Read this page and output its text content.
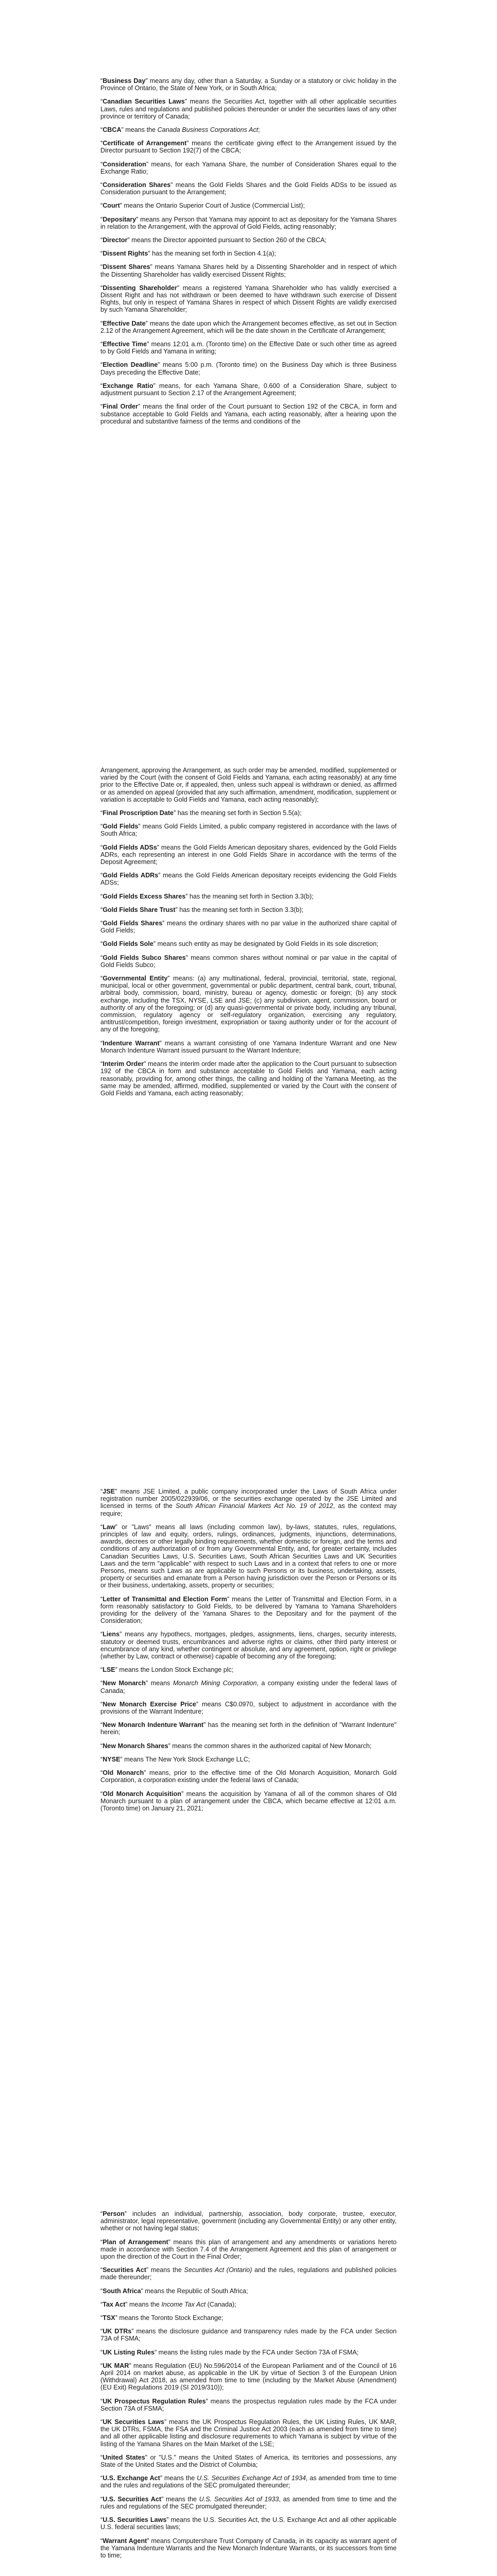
“Business Day” means any day, other than a Saturday, a Sunday or a statutory or civic holiday in the Province of Ontario, the State of New York, or in South Africa;

“Canadian Securities Laws” means the Securities Act, together with all other applicable securities Laws, rules and regulations and published policies thereunder or under the securities laws of any other province or territory of Canada;

“CBCA” means the Canada Business Corporations Act;

“Certificate of Arrangement” means the certificate giving effect to the Arrangement issued by the Director pursuant to Section 192(7) of the CBCA;

“Consideration” means, for each Yamana Share, the number of Consideration Shares equal to the Exchange Ratio;

“Consideration Shares” means the Gold Fields Shares and the Gold Fields ADSs to be issued as Consideration pursuant to the Arrangement;

“Court” means the Ontario Superior Court of Justice (Commercial List);

“Depositary” means any Person that Yamana may appoint to act as depositary for the Yamana Shares in relation to the Arrangement, with the approval of Gold Fields, acting reasonably;

“Director” means the Director appointed pursuant to Section 260 of the CBCA;

“Dissent Rights” has the meaning set forth in Section 4.1(a);

“Dissent Shares” means Yamana Shares held by a Dissenting Shareholder and in respect of which the Dissenting Shareholder has validly exercised Dissent Rights;

“Dissenting Shareholder” means a registered Yamana Shareholder who has validly exercised a Dissent Right and has not withdrawn or been deemed to have withdrawn such exercise of Dissent Rights, but only in respect of Yamana Shares in respect of which Dissent Rights are validly exercised by such Yamana Shareholder;

“Effective Date” means the date upon which the Arrangement becomes effective, as set out in Section 2.12 of the Arrangement Agreement, which will be the date shown in the Certificate of Arrangement;

“Effective Time” means 12:01 a.m. (Toronto time) on the Effective Date or such other time as agreed to by Gold Fields and Yamana in writing;

“Election Deadline” means 5:00 p.m. (Toronto time) on the Business Day which is three Business Days preceding the Effective Date;

“Exchange Ratio” means, for each Yamana Share, 0.600 of a Consideration Share, subject to adjustment pursuant to Section 2.17 of the Arrangement Agreement;

“Final Order” means the final order of the Court pursuant to Section 192 of the CBCA, in form and substance acceptable to Gold Fields and Yamana, each acting reasonably, after a hearing upon the procedural and substantive fairness of the terms and conditions of the

Arrangement, approving the Arrangement, as such order may be amended, modified, supplemented or varied by the Court (with the consent of Gold Fields and Yamana, each acting reasonably) at any time prior to the Effective Date or, if appealed, then, unless such appeal is withdrawn or denied, as affirmed or as amended on appeal (provided that any such affirmation, amendment, modification, supplement or variation is acceptable to Gold Fields and Yamana, each acting reasonably);

“Final Proscription Date” has the meaning set forth in Section 5.5(a);

“Gold Fields” means Gold Fields Limited, a public company registered in accordance with the laws of South Africa;

“Gold Fields ADSs” means the Gold Fields American depositary shares, evidenced by the Gold Fields ADRs, each representing an interest in one Gold Fields Share in accordance with the terms of the Deposit Agreement;

“Gold Fields ADRs” means the Gold Fields American depositary receipts evidencing the Gold Fields ADSs;

“Gold Fields Excess Shares” has the meaning set forth in Section 3.3(b);

“Gold Fields Share Trust” has the meaning set forth in Section 3.3(b);

“Gold Fields Shares” means the ordinary shares with no par value in the authorized share capital of Gold Fields;

“Gold Fields Sole” means such entity as may be designated by Gold Fields in its sole discretion;

“Gold Fields Subco Shares” means common shares without nominal or par value in the capital of Gold Fields Subco;

“Governmental Entity” means: (a) any multinational, federal, provincial, territorial, state, regional, municipal, local or other government, governmental or public department, central bank, court, tribunal, arbitral body, commission, board, ministry, bureau or agency, domestic or foreign; (b) any stock exchange, including the TSX, NYSE, LSE and JSE; (c) any subdivision, agent, commission, board or authority of any of the foregoing; or (d) any quasi-governmental or private body, including any tribunal, commission, regulatory agency or self-regulatory organization, exercising any regulatory, antitrust/competition, foreign investment, expropriation or taxing authority under or for the account of any of the foregoing;

“Indenture Warrant” means a warrant consisting of one Yamana Indenture Warrant and one New Monarch Indenture Warrant issued pursuant to the Warrant Indenture;

“Interim Order” means the interim order made after the application to the Court pursuant to subsection 192 of the CBCA in form and substance acceptable to Gold Fields and Yamana, each acting reasonably, providing for, among other things, the calling and holding of the Yamana Meeting, as the same may be amended, affirmed, modified, supplemented or varied by the Court with the consent of Gold Fields and Yamana, each acting reasonably;

“JSE” means JSE Limited, a public company incorporated under the Laws of South Africa under registration number 2005/022939/06, or the securities exchange operated by the JSE Limited and licensed in terms of the South African Financial Markets Act No. 19 of 2012, as the context may require;

“Law” or "Laws" means all laws (including common law), by-laws, statutes, rules, regulations, principles of law and equity, orders, rulings, ordinances, judgments, injunctions, determinations, awards, decrees or other legally binding requirements, whether domestic or foreign, and the terms and conditions of any authorization of or from any Governmental Entity, and, for greater certainty, includes Canadian Securities Laws, U.S. Securities Laws, South African Securities Laws and UK Securities Laws and the term "applicable" with respect to such Laws and in a context that refers to one or more Persons, means such Laws as are applicable to such Persons or its business, undertaking, assets, property or securities and emanate from a Person having jurisdiction over the Person or Persons or its or their business, undertaking, assets, property or securities;

“Letter of Transmittal and Election Form” means the Letter of Transmittal and Election Form, in a form reasonably satisfactory to Gold Fields, to be delivered by Yamana to Yamana Shareholders providing for the delivery of the Yamana Shares to the Depositary and for the payment of the Consideration;

“Liens” means any hypothecs, mortgages, pledges, assignments, liens, charges, security interests, statutory or deemed trusts, encumbrances and adverse rights or claims, other third party interest or encumbrance of any kind, whether contingent or absolute, and any agreement, option, right or privilege (whether by Law, contract or otherwise) capable of becoming any of the foregoing;

“LSE” means the London Stock Exchange plc;

“New Monarch” means Monarch Mining Corporation, a company existing under the federal laws of Canada;

“New Monarch Exercise Price” means C$0.0970, subject to adjustment in accordance with the provisions of the Warrant Indenture;

“New Monarch Indenture Warrant” has the meaning set forth in the definition of "Warrant Indenture" herein;

“New Monarch Shares” means the common shares in the authorized capital of New Monarch;

“NYSE” means The New York Stock Exchange LLC;

“Old Monarch” means, prior to the effective time of the Old Monarch Acquisition, Monarch Gold Corporation, a corporation existing under the federal laws of Canada;

“Old Monarch Acquisition” means the acquisition by Yamana of all of the common shares of Old Monarch pursuant to a plan of arrangement under the CBCA, which became effective at 12:01 a.m. (Toronto time) on January 21, 2021;

“Person” includes an individual, partnership, association, body corporate, trustee, executor, administrator, legal representative, government (including any Governmental Entity) or any other entity, whether or not having legal status;

“Plan of Arrangement” means this plan of arrangement and any amendments or variations hereto made in accordance with Section 7.4 of the Arrangement Agreement and this plan of arrangement or upon the direction of the Court in the Final Order;

“Securities Act” means the Securities Act (Ontario) and the rules, regulations and published policies made thereunder;

“South Africa” means the Republic of South Africa;

“Tax Act” means the Income Tax Act (Canada);

“TSX” means the Toronto Stock Exchange;

“UK DTRs” means the disclosure guidance and transparency rules made by the FCA under Section 73A of FSMA;

“UK Listing Rules” means the listing rules made by the FCA under Section 73A of FSMA;

“UK MAR” means Regulation (EU) No.596/2014 of the European Parliament and of the Council of 16 April 2014 on market abuse, as applicable in the UK by virtue of Section 3 of the European Union (Withdrawal) Act 2018, as amended from time to time (including by the Market Abuse (Amendment) (EU Exit) Regulations 2019 (SI 2019/310));

“UK Prospectus Regulation Rules” means the prospectus regulation rules made by the FCA under Section 73A of FSMA;

“UK Securities Laws” means the UK Prospectus Regulation Rules, the UK Listing Rules, UK MAR, the UK DTRs, FSMA, the FSA and the Criminal Justice Act 2003 (each as amended from time to time) and all other applicable listing and disclosure requirements to which Yamana is subject by virtue of the listing of the Yamana Shares on the Main Market of the LSE;

“United States” or "U.S." means the United States of America, its territories and possessions, any State of the United States and the District of Columbia;

“U.S. Exchange Act” means the U.S. Securities Exchange Act of 1934, as amended from time to time and the rules and regulations of the SEC promulgated thereunder;

“U.S. Securities Act” means the U.S. Securities Act of 1933, as amended from time to time and the rules and regulations of the SEC promulgated thereunder;

“U.S. Securities Laws” means the U.S. Securities Act, the U.S. Exchange Act and all other applicable U.S. federal securities laws;

“Warrant Agent” means Computershare Trust Company of Canada, in its capacity as warrant agent of the Yamana Indenture Warrants and the New Monarch Indenture Warrants, or its successors from time to time;
